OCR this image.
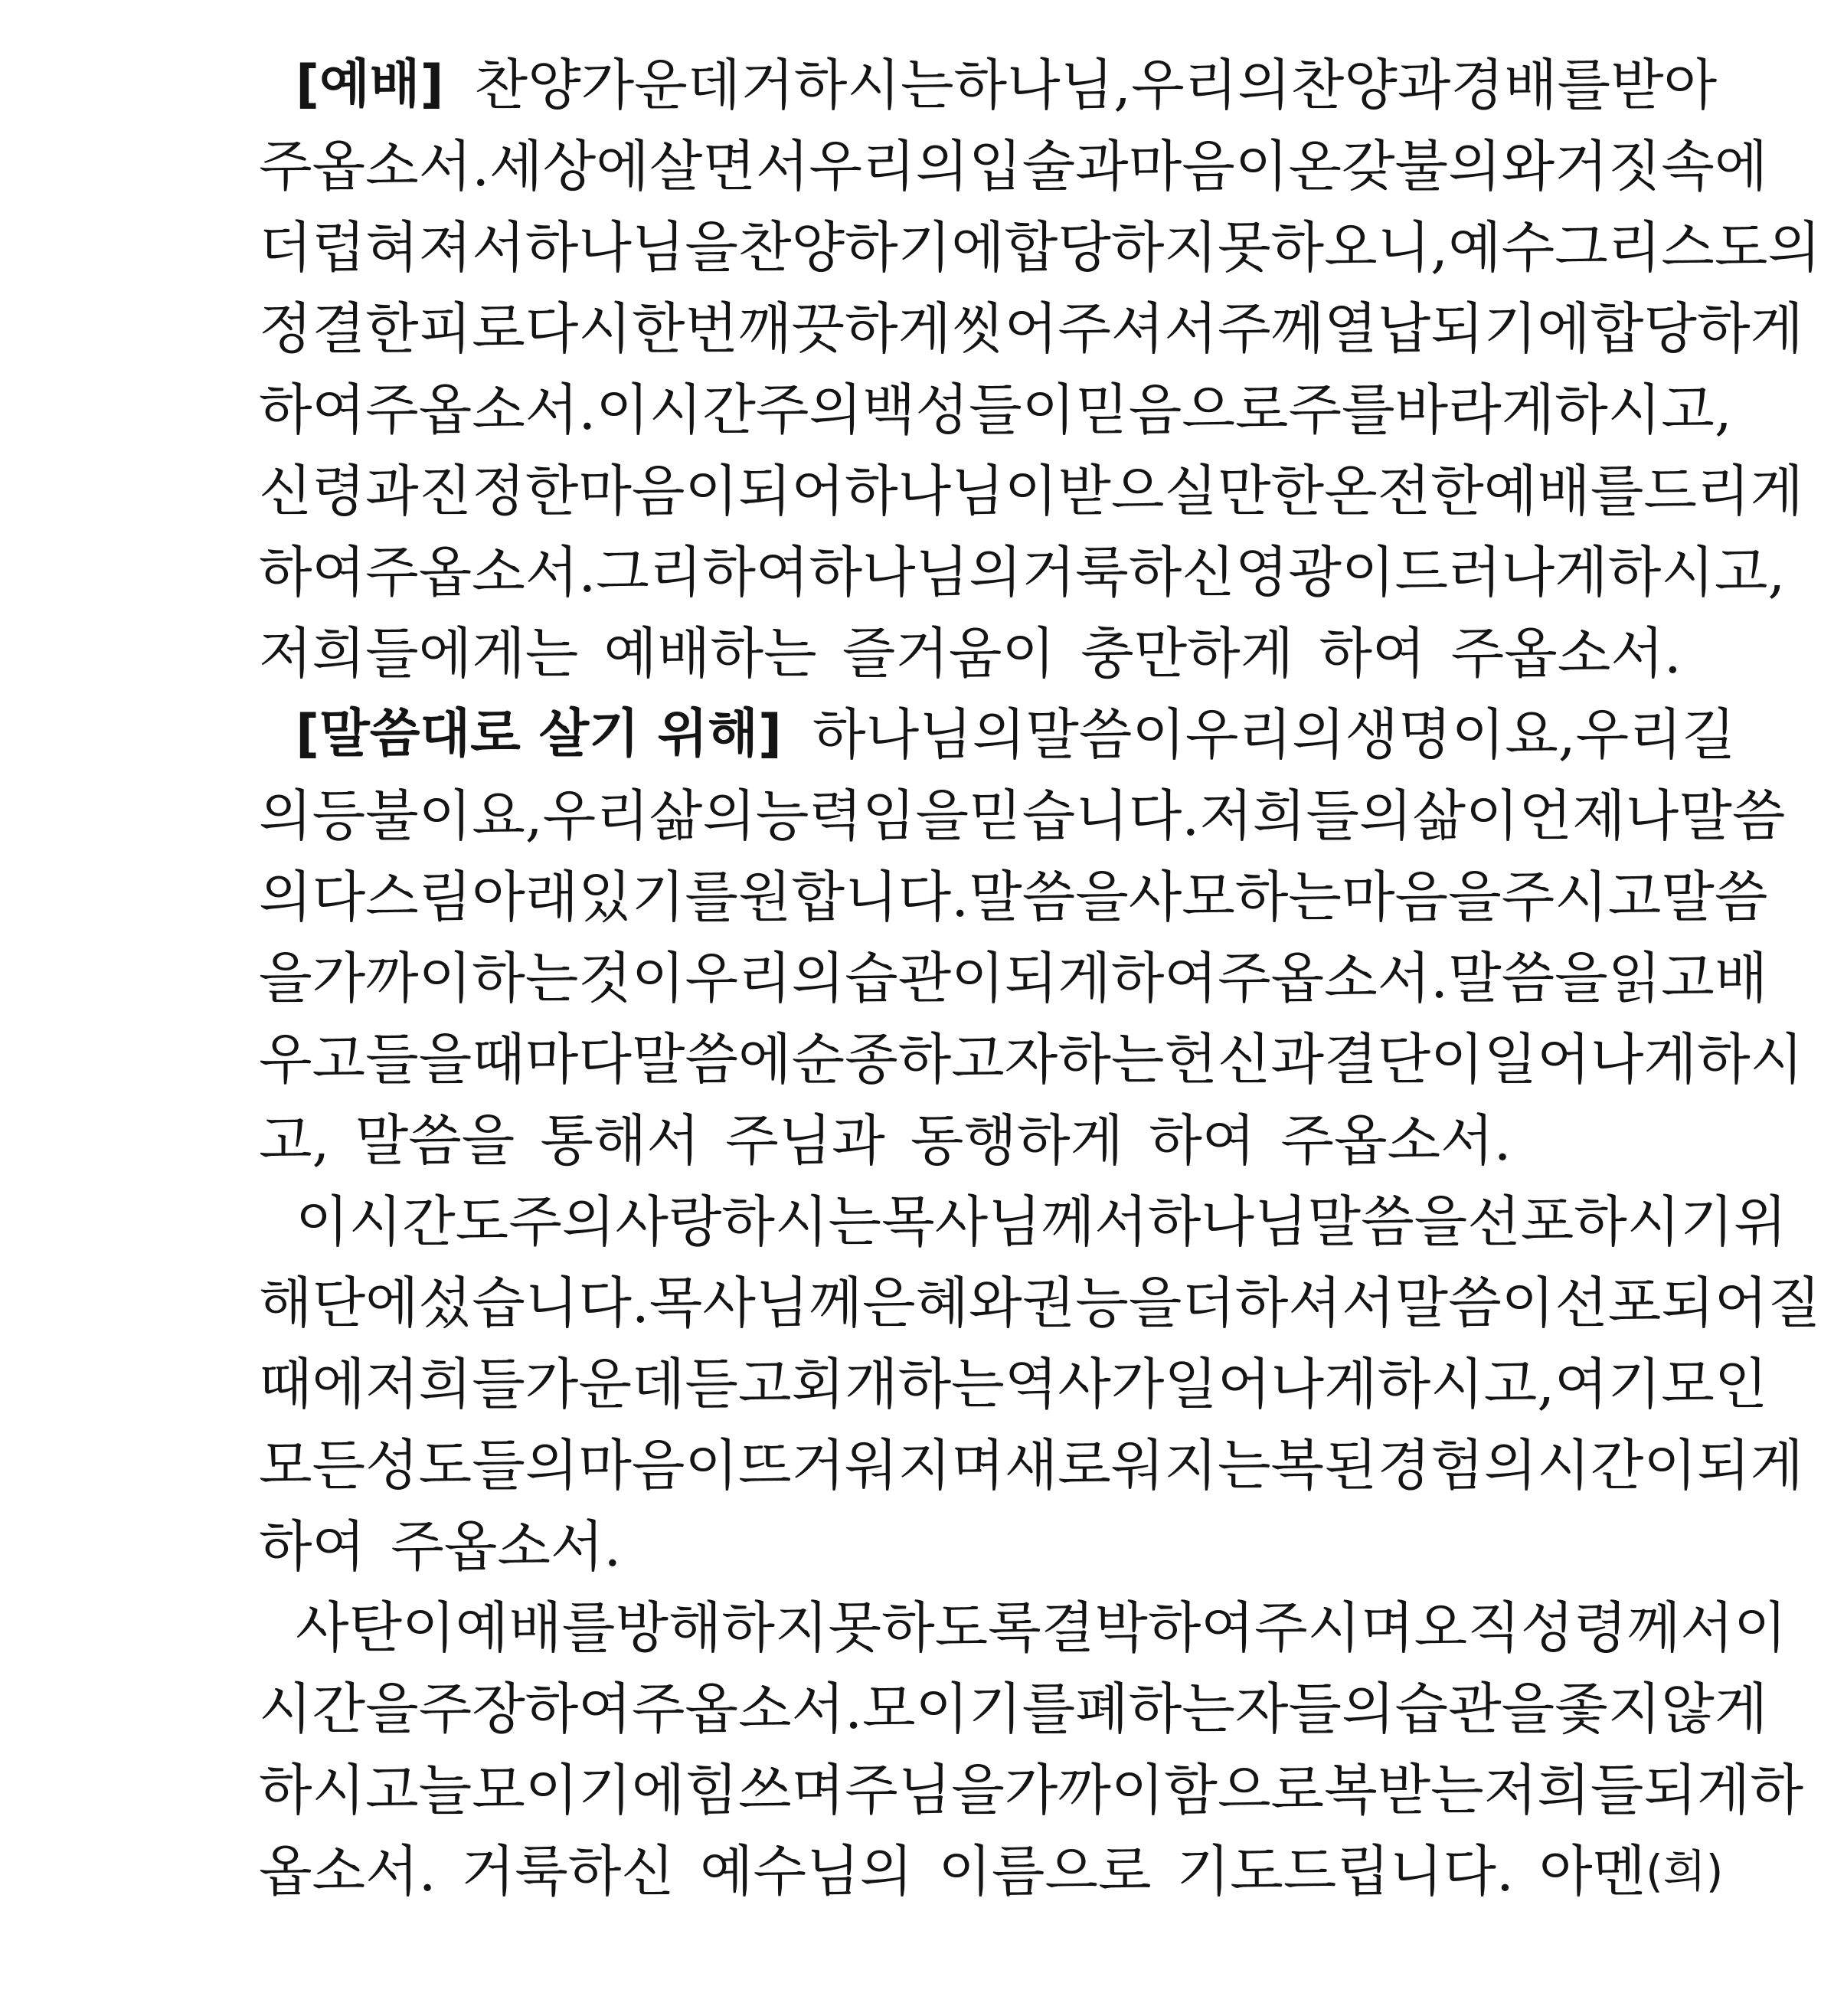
[예배] 찬양 가운데 거하시는 하나님, 우리의 찬양과 경배를 받아
주옵소서. 세상에 살면서 우리의 입술과 마음이 온갖 불의와 거짓 속에
더럽혀져서 하나님을 찬양하기에 합당하지 못하오니, 예수 그리스도의
정결한 피로 다시 한번 깨끗하게 씻어 주셔서 주께 열납되기에 합당하게
하여 주옵소서. 이 시간 주의 백성들이 믿음으로 주를 바라게 하시고,
신령과 진정한 마음이 되어 하나님이 받으실 만한 온전한 예배를 드리게
하여 주옵소서. 그리하여 하나님의 거룩하신 영광이 드러나게 하시고,
저희들에게는 예배하는 즐거움이 충만하게 하여 주옵소서.
[말씀대로 살기 위해] 하나님의 말씀이 우리의 생명이요, 우리 길
의 등불이요, 우리 삶의 능력임을 믿습니다. 저희들의 삶이 언제나 말씀
의 다스림 아래 있기를 원합니다. 말씀을 사모하는 마음을 주시고 말씀
을 가까이하는 것이 우리의 습관이 되게 하여 주옵소서. 말씀을 읽고 배
우고 들을 때마다 말씀에 순종하고자 하는 헌신과 결단이 일어나게 하시
고, 말씀을 통해서 주님과 동행하게 하여 주옵소서.
이 시간도 주의 사랑하시는 목사님께서 하나님 말씀을 선포하시기 위
해 단에 섰습니다. 목사님께 은혜와 권능을 더하셔서 말씀이 선포되어질
때에 저희들 가운데 듣고 회개하는 역사가 일어나게 하시고, 여기 모인
모든 성도들의 마음이 뜨거워지며 새로워지는 복된 경험의 시간이 되게
하여 주옵소서.
사탄이 예배를 방해하지 못하도록 결박하여 주시며 오직 성령께서 이
시간을 주장하여 주옵소서. 모이기를 폐하는 자들의 습관을 좇지 않게
하시고 늘 모이기에 힘쓰며 주님을 가까이함으로 복받는 저희들 되게 하
옵소서. 거룩하신 예수님의 이름으로 기도드립니다. 아멘 (희)
